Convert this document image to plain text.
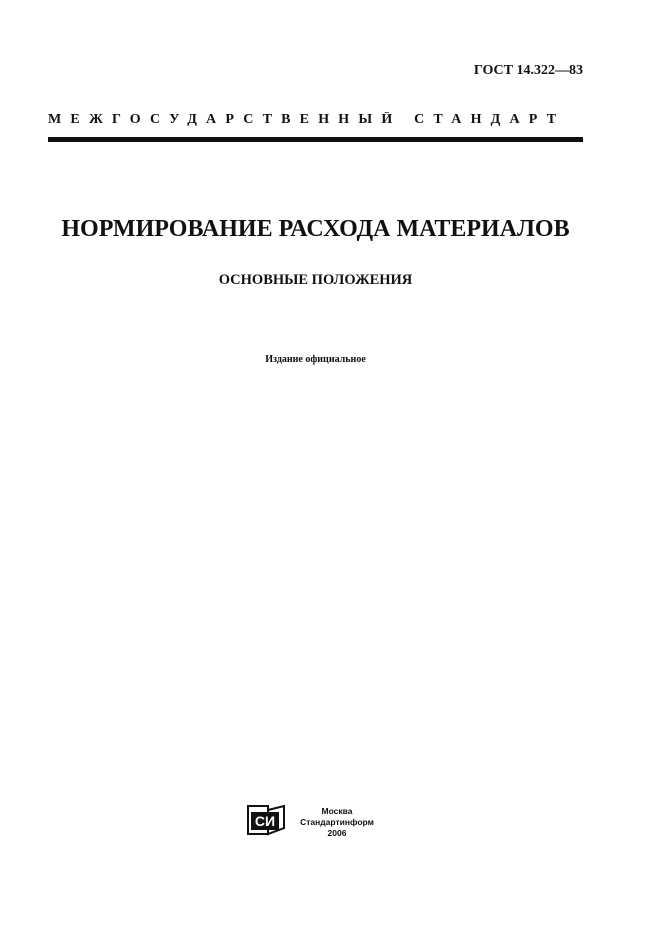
ГОСТ 14.322—83
МЕЖГОСУДАРСТВЕННЫЙ СТАНДАРТ
НОРМИРОВАНИЕ РАСХОДА МАТЕРИАЛОВ
ОСНОВНЫЕ ПОЛОЖЕНИЯ
Издание официальное
СИ
Москва
Стандартинформ
2006
